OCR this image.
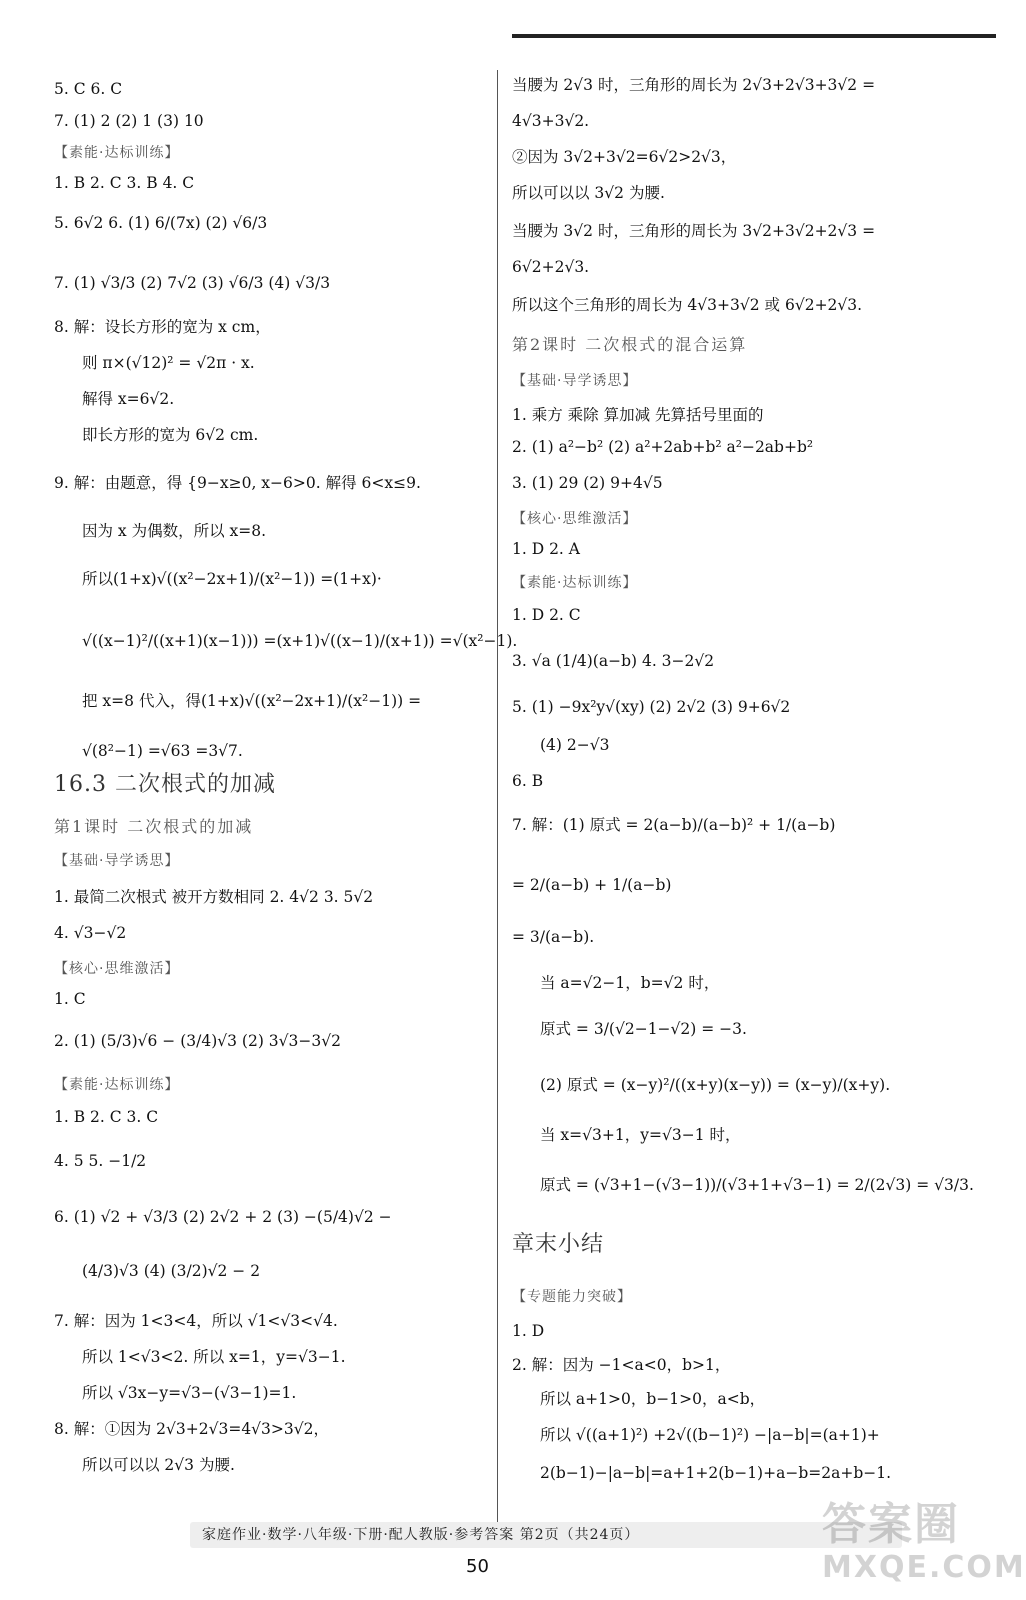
5. C 6. C
7. (1) 2 (2) 1 (3) 10
【素能·达标训练】
1. B 2. C 3. B 4. C
5. 6√2 6. (1) 6/(7x) (2) √6/3
7. (1) √3/3 (2) 7√2 (3) √6/3 (4) √3/3
8. 解：设长方形的宽为 x cm，
则 π×(√12)² = √2π · x.
解得 x=6√2.
即长方形的宽为 6√2 cm.
9. 解：由题意，得 {9−x≥0, x−6>0. 解得 6<x≤9.
因为 x 为偶数，所以 x=8.
所以(1+x)√((x²−2x+1)/(x²−1)) =(1+x)·
√((x−1)²/((x+1)(x−1))) =(x+1)√((x−1)/(x+1)) =√(x²−1).
把 x=8 代入，得(1+x)√((x²−2x+1)/(x²−1)) =
√(8²−1) =√63 =3√7.
16.3 二次根式的加减
第1课时 二次根式的加减
【基础·导学诱思】
1. 最简二次根式 被开方数相同 2. 4√2 3. 5√2
4. √3−√2
【核心·思维激活】
1. C
2. (1) (5/3)√6 − (3/4)√3 (2) 3√3−3√2
【素能·达标训练】
1. B 2. C 3. C
4. 5 5. −1/2
6. (1) √2 + √3/3 (2) 2√2 + 2 (3) −(5/4)√2 −
(4/3)√3 (4) (3/2)√2 − 2
7. 解：因为 1<3<4，所以 √1<√3<√4.
所以 1<√3<2. 所以 x=1，y=√3−1.
所以 √3x−y=√3−(√3−1)=1.
8. 解：①因为 2√3+2√3=4√3>3√2，
所以可以以 2√3 为腰.
当腰为 2√3 时，三角形的周长为 2√3+2√3+3√2 =
4√3+3√2.
②因为 3√2+3√2=6√2>2√3，
所以可以以 3√2 为腰.
当腰为 3√2 时，三角形的周长为 3√2+3√2+2√3 =
6√2+2√3.
所以这个三角形的周长为 4√3+3√2 或 6√2+2√3.
第2课时 二次根式的混合运算
【基础·导学诱思】
1. 乘方 乘除 算加减 先算括号里面的
2. (1) a²−b² (2) a²+2ab+b² a²−2ab+b²
3. (1) 29 (2) 9+4√5
【核心·思维激活】
1. D 2. A
【素能·达标训练】
1. D 2. C
3. √a (1/4)(a−b) 4. 3−2√2
5. (1) −9x²y√(xy) (2) 2√2 (3) 9+6√2
(4) 2−√3
6. B
7. 解：(1) 原式 = 2(a−b)/(a−b)² + 1/(a−b)
= 2/(a−b) + 1/(a−b)
= 3/(a−b).
当 a=√2−1，b=√2 时，
原式 = 3/(√2−1−√2) = −3.
(2) 原式 = (x−y)²/((x+y)(x−y)) = (x−y)/(x+y).
当 x=√3+1，y=√3−1 时，
原式 = (√3+1−(√3−1))/(√3+1+√3−1) = 2/(2√3) = √3/3.
章末小结
【专题能力突破】
1. D
2. 解：因为 −1<a<0，b>1，
所以 a+1>0，b−1>0，a<b，
所以 √((a+1)²) +2√((b−1)²) −|a−b|=(a+1)+
2(b−1)−|a−b|=a+1+2(b−1)+a−b=2a+b−1.
家庭作业·数学·八年级·下册·配人教版·参考答案 第2页（共24页）
50
答案圈
MXQE.COM
